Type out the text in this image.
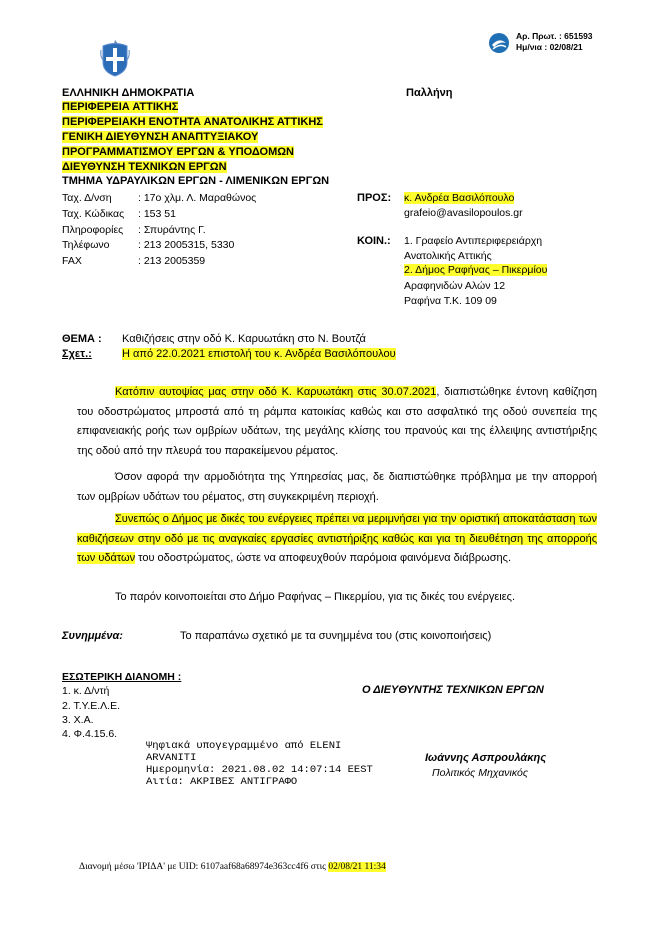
Αρ. Πρωτ. : 651593
Ημ/νια : 02/08/21
ΕΛΛΗΝΙΚΗ ΔΗΜΟΚΡΑΤΙΑ
ΠΕΡΙΦΕΡΕΙΑ ΑΤΤΙΚΗΣ
ΠΕΡΙΦΕΡΕΙΑΚΗ ΕΝΟΤΗΤΑ ΑΝΑΤΟΛΙΚΗΣ ΑΤΤΙΚΗΣ
ΓΕΝΙΚΗ ΔΙΕΥΘΥΝΣΗ ΑΝΑΠΤΥΞΙΑΚΟΥ
ΠΡΟΓΡΑΜΜΑΤΙΣΜΟΥ ΕΡΓΩΝ & ΥΠΟΔΟΜΩΝ
ΔΙΕΥΘΥΝΣΗ ΤΕΧΝΙΚΩΝ ΕΡΓΩΝ
ΤΜΗΜΑ ΥΔΡΑΥΛΙΚΩΝ ΕΡΓΩΝ - ΛΙΜΕΝΙΚΩΝ ΕΡΓΩΝ
Παλλήνη
Ταχ. Δ/νση	: 17ο χλμ. Λ. Μαραθώνος
Ταχ. Κώδικας : 153 51
Πληροφορίες : Σπυράντης Γ.
Τηλέφωνο	: 213 2005315, 5330
FAX	: 213 2005359
ΠΡΟΣ: κ. Ανδρέα Βασιλόπουλο
grafeio@avasilopoulos.gr
ΚΟΙΝ.: 1. Γραφείο Αντιπεριφερειάρχη
Ανατολικής Αττικής
2. Δήμος Ραφήνας – Πικερμίου
Αραφηνιδών Αλών 12
Ραφήνα Τ.Κ. 109 09
ΘΕΜΑ : Καθιζήσεις στην οδό Κ. Καρυωτάκη στο Ν. Βουτζά
Σχετ.:	Η από 22.0.2021 επιστολή του κ. Ανδρέα Βασιλόπουλου
Κατόπιν αυτοψίας μας στην οδό Κ. Καρυωτάκη στις 30.07.2021, διαπιστώθηκε έντονη καθίζηση του οδοστρώματος μπροστά από τη ράμπα κατοικίας καθώς και στο ασφαλτικό της οδού συνεπεία της επιφανειακής ροής των ομβρίων υδάτων, της μεγάλης κλίσης του πρανούς και της έλλειψης αντιστήριξης της οδού από την πλευρά του παρακείμενου ρέματος.
Όσον αφορά την αρμοδιότητα της Υπηρεσίας μας, δε διαπιστώθηκε πρόβλημα με την απορροή των ομβρίων υδάτων του ρέματος, στη συγκεκριμένη περιοχή.
Συνεπώς ο Δήμος με δικές του ενέργειες πρέπει να μεριμνήσει για την οριστική αποκατάσταση των καθιζήσεων στην οδό με τις αναγκαίες εργασίες αντιστήριξης καθώς και για τη διευθέτηση της απορροής των υδάτων του οδοστρώματος, ώστε να αποφευχθούν παρόμοια φαινόμενα διάβρωσης.
Το παρόν κοινοποιείται στο Δήμο Ραφήνας – Πικερμίου, για τις δικές του ενέργειες.
Συνημμένα:	Το παραπάνω σχετικό με τα συνημμένα του (στις κοινοποιήσεις)
ΕΣΩΤΕΡΙΚΗ ΔΙΑΝΟΜΗ :
1. κ. Δ/ντή
2. Τ.Υ.Ε.Λ.Ε.
3. Χ.Α.
4. Φ.4.15.6.
Ο ΔΙΕΥΘΥΝΤΗΣ ΤΕΧΝΙΚΩΝ ΕΡΓΩΝ
Ψηφιακά υπογεγραμμένο από ELENI
ARVANITI
Ημερομηνία: 2021.08.02 14:07:14 EEST
Αιτία: ΑΚΡΙΒΕΣ ΑΝΤΙΓΡΑΦΟ
Ιωάννης Ασπρουλάκης
Πολιτικός Μηχανικός
Διανομή μέσω 'ΙΡΙΔΑ' με UID: 6107aaf68a68974e363cc4f6 στις 02/08/21 11:34
